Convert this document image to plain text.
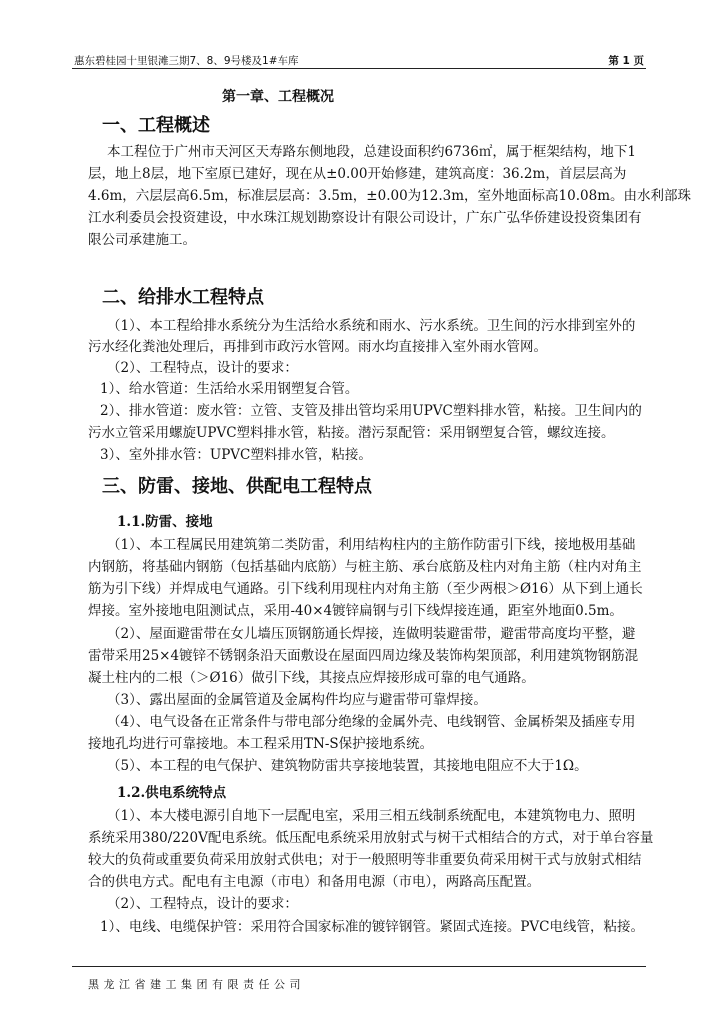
惠东碧桂园十里银滩三期7、8、9号楼及1#车库	第 1 页
第一章、工程概况
一、工程概述
本工程位于广州市天河区天寿路东侧地段，总建设面积约6736㎡，属于框架结构，地下1
层，地上8层，地下室原已建好，现在从±0.00开始修建，建筑高度：36.2m，首层层高为
4.6m，六层层高6.5m，标准层层高：3.5m，±0.00为12.3m，室外地面标高10.08m。由水利部珠
江水利委员会投资建设，中水珠江规划勘察设计有限公司设计，广东广弘华侨建设投资集团有
限公司承建施工。
二、给排水工程特点
（1）、本工程给排水系统分为生活给水系统和雨水、污水系统。卫生间的污水排到室外的
污水经化粪池处理后，再排到市政污水管网。雨水均直接排入室外雨水管网。
（2）、工程特点，设计的要求：
1）、给水管道：生活给水采用钢塑复合管。
2）、排水管道：废水管：立管、支管及排出管均采用UPVC塑料排水管，粘接。卫生间内的
污水立管采用螺旋UPVC塑料排水管，粘接。潜污泵配管：采用钢塑复合管，螺纹连接。
3）、室外排水管：UPVC塑料排水管，粘接。
三、防雷、接地、供配电工程特点
1.1.防雷、接地
（1）、本工程属民用建筑第二类防雷，利用结构柱内的主筋作防雷引下线，接地极用基础
内钢筋，将基础内钢筋（包括基础内底筋）与桩主筋、承台底筋及柱内对角主筋（柱内对角主
筋为引下线）并焊成电气通路。引下线利用现柱内对角主筋（至少两根＞Ø16）从下到上通长
焊接。室外接地电阻测试点，采用-40×4镀锌扁钢与引下线焊接连通，距室外地面0.5m。
（2）、屋面避雷带在女儿墙压顶钢筋通长焊接，连做明装避雷带，避雷带高度均平整，避
雷带采用25×4镀锌不锈钢条沿天面敷设在屋面四周边缘及装饰构架顶部，利用建筑物钢筋混
凝土柱内的二根（＞Ø16）做引下线，其接点应焊接形成可靠的电气通路。
（3）、露出屋面的金属管道及金属构件均应与避雷带可靠焊接。
（4）、电气设备在正常条件与带电部分绝缘的金属外壳、电线钢管、金属桥架及插座专用
接地孔均进行可靠接地。本工程采用TN-S保护接地系统。
（5）、本工程的电气保护、建筑物防雷共享接地装置，其接地电阻应不大于1Ω。
1.2.供电系统特点
（1）、本大楼电源引自地下一层配电室，采用三相五线制系统配电，本建筑物电力、照明
系统采用380/220V配电系统。低压配电系统采用放射式与树干式相结合的方式，对于单台容量
较大的负荷或重要负荷采用放射式供电；对于一般照明等非重要负荷采用树干式与放射式相结
合的供电方式。配电有主电源（市电）和备用电源（市电），两路高压配置。
（2）、工程特点，设计的要求：
1）、电线、电缆保护管：采用符合国家标准的镀锌钢管。紧固式连接。PVC电线管，粘接。
黑龙江省建工集团有限责任公司
